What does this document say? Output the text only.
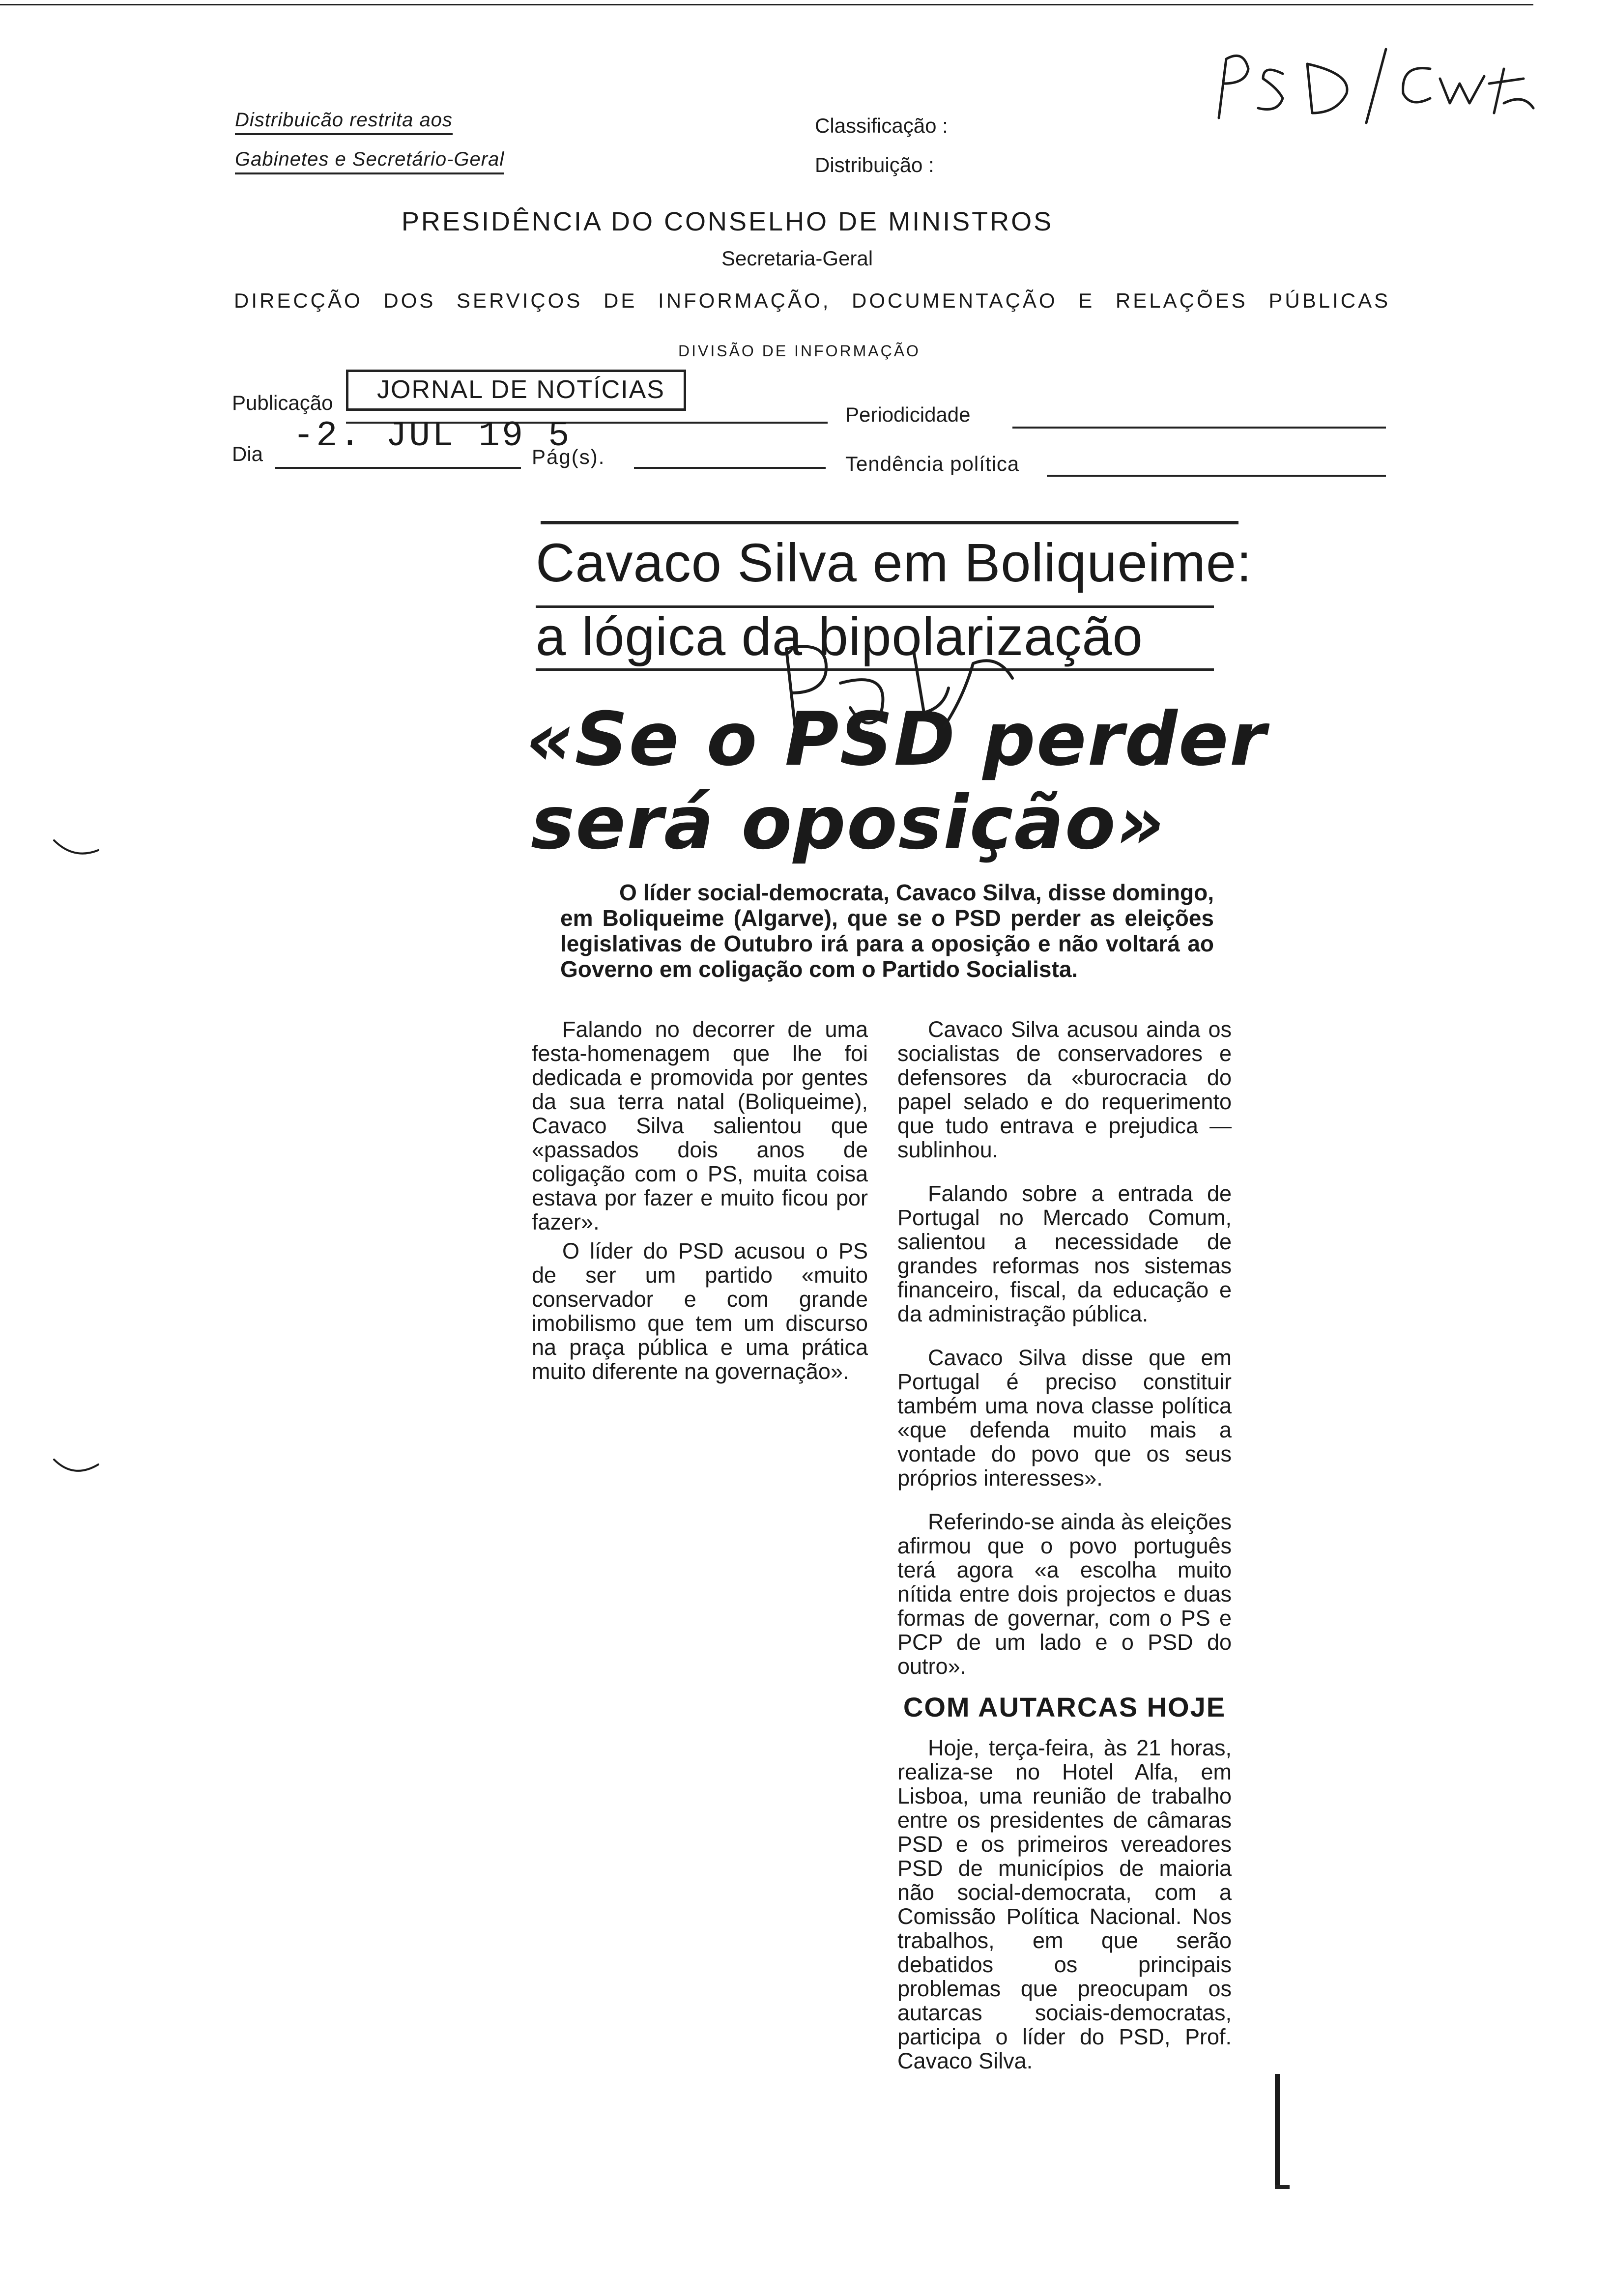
Distribuicão restrita aos
Gabinetes e Secretário-Geral
Classificação :
Distribuição :
PRESIDÊNCIA DO CONSELHO DE MINISTROS
Secretaria-Geral
DIRECÇÃO DOS SERVIÇOS DE INFORMAÇÃO, DOCUMENTAÇÃO E RELAÇÕES PÚBLICAS
DIVISÃO DE INFORMAÇÃO
Publicação	JORNAL DE NOTÍCIAS
Periodicidade
Dia -2. JUL 19 5
Pág(s).	Tendência política
Cavaco Silva em Boliqueime:
a lógica da bipolarização
«Se o PSD perder
será oposição»
O líder social-democrata, Cavaco Silva, disse domingo, em Boliqueime (Algarve), que se o PSD perder as eleições legislativas de Outubro irá para a oposição e não voltará ao Governo em coligação com o Partido Socialista.

Falando no decorrer de uma festa-homenagem que lhe foi dedicada e promovida por gentes da sua terra natal (Boliqueime), Cavaco Silva salientou que «passados dois anos de coligação com o PS, muita coisa estava por fazer e muito ficou por fazer».

O líder do PSD acusou o PS de ser um partido «muito conservador e com grande imobilismo que tem um discurso na praça pública e uma prática muito diferente na governação».

Cavaco Silva acusou ainda os socialistas de conservadores e defensores da «burocracia do papel selado e do requerimento que tudo entrava e prejudica — sublinhou.

Falando sobre a entrada de Portugal no Mercado Comum, salientou a necessidade de grandes reformas nos sistemas financeiro, fiscal, da educação e da administração pública.

Cavaco Silva disse que em Portugal é preciso constituir também uma nova classe política «que defenda muito mais a vontade do povo que os seus próprios interesses».

Referindo-se ainda às eleições afirmou que o povo português terá agora «a escolha muito nítida entre dois projectos e duas formas de governar, com o PS e PCP de um lado e o PSD do outro».

COM AUTARCAS HOJE

Hoje, terça-feira, às 21 horas, realiza-se no Hotel Alfa, em Lisboa, uma reunião de trabalho entre os presidentes de câmaras PSD e os primeiros vereadores PSD de municípios de maioria não social-democrata, com a Comissão Política Nacional. Nos trabalhos, em que serão debatidos os principais problemas que preocupam os autarcas sociais-democratas, participa o líder do PSD, Prof. Cavaco Silva.
